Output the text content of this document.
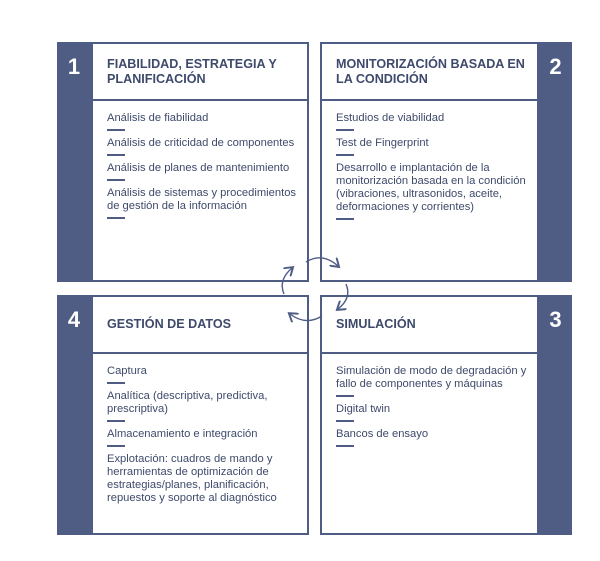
1	FIABILIDAD, ESTRATEGIA Y PLANIFICACIÓN
Análisis de fiabilidad
Análisis de criticidad de componentes
Análisis de planes de mantenimiento
Análisis de sistemas y procedimientos de gestión de la información
MONITORIZACIÓN BASADA EN LA CONDICIÓN
Estudios de viabilidad
Test de Fingerprint
Desarrollo e implantación de la monitorización basada en la condición (vibraciones, ultrasonidos, aceite, deformaciones y corrientes)
2
4	GESTIÓN DE DATOS
Captura
Analítica (descriptiva, predictiva, prescriptiva)
Almacenamiento e integración
Explotación: cuadros de mando y herramientas de optimización de estrategias/planes, planificación, repuestos y soporte al diagnóstico
SIMULACIÓN
Simulación de modo de degradación y fallo de componentes y máquinas
Digital twin
Bancos de ensayo
3
